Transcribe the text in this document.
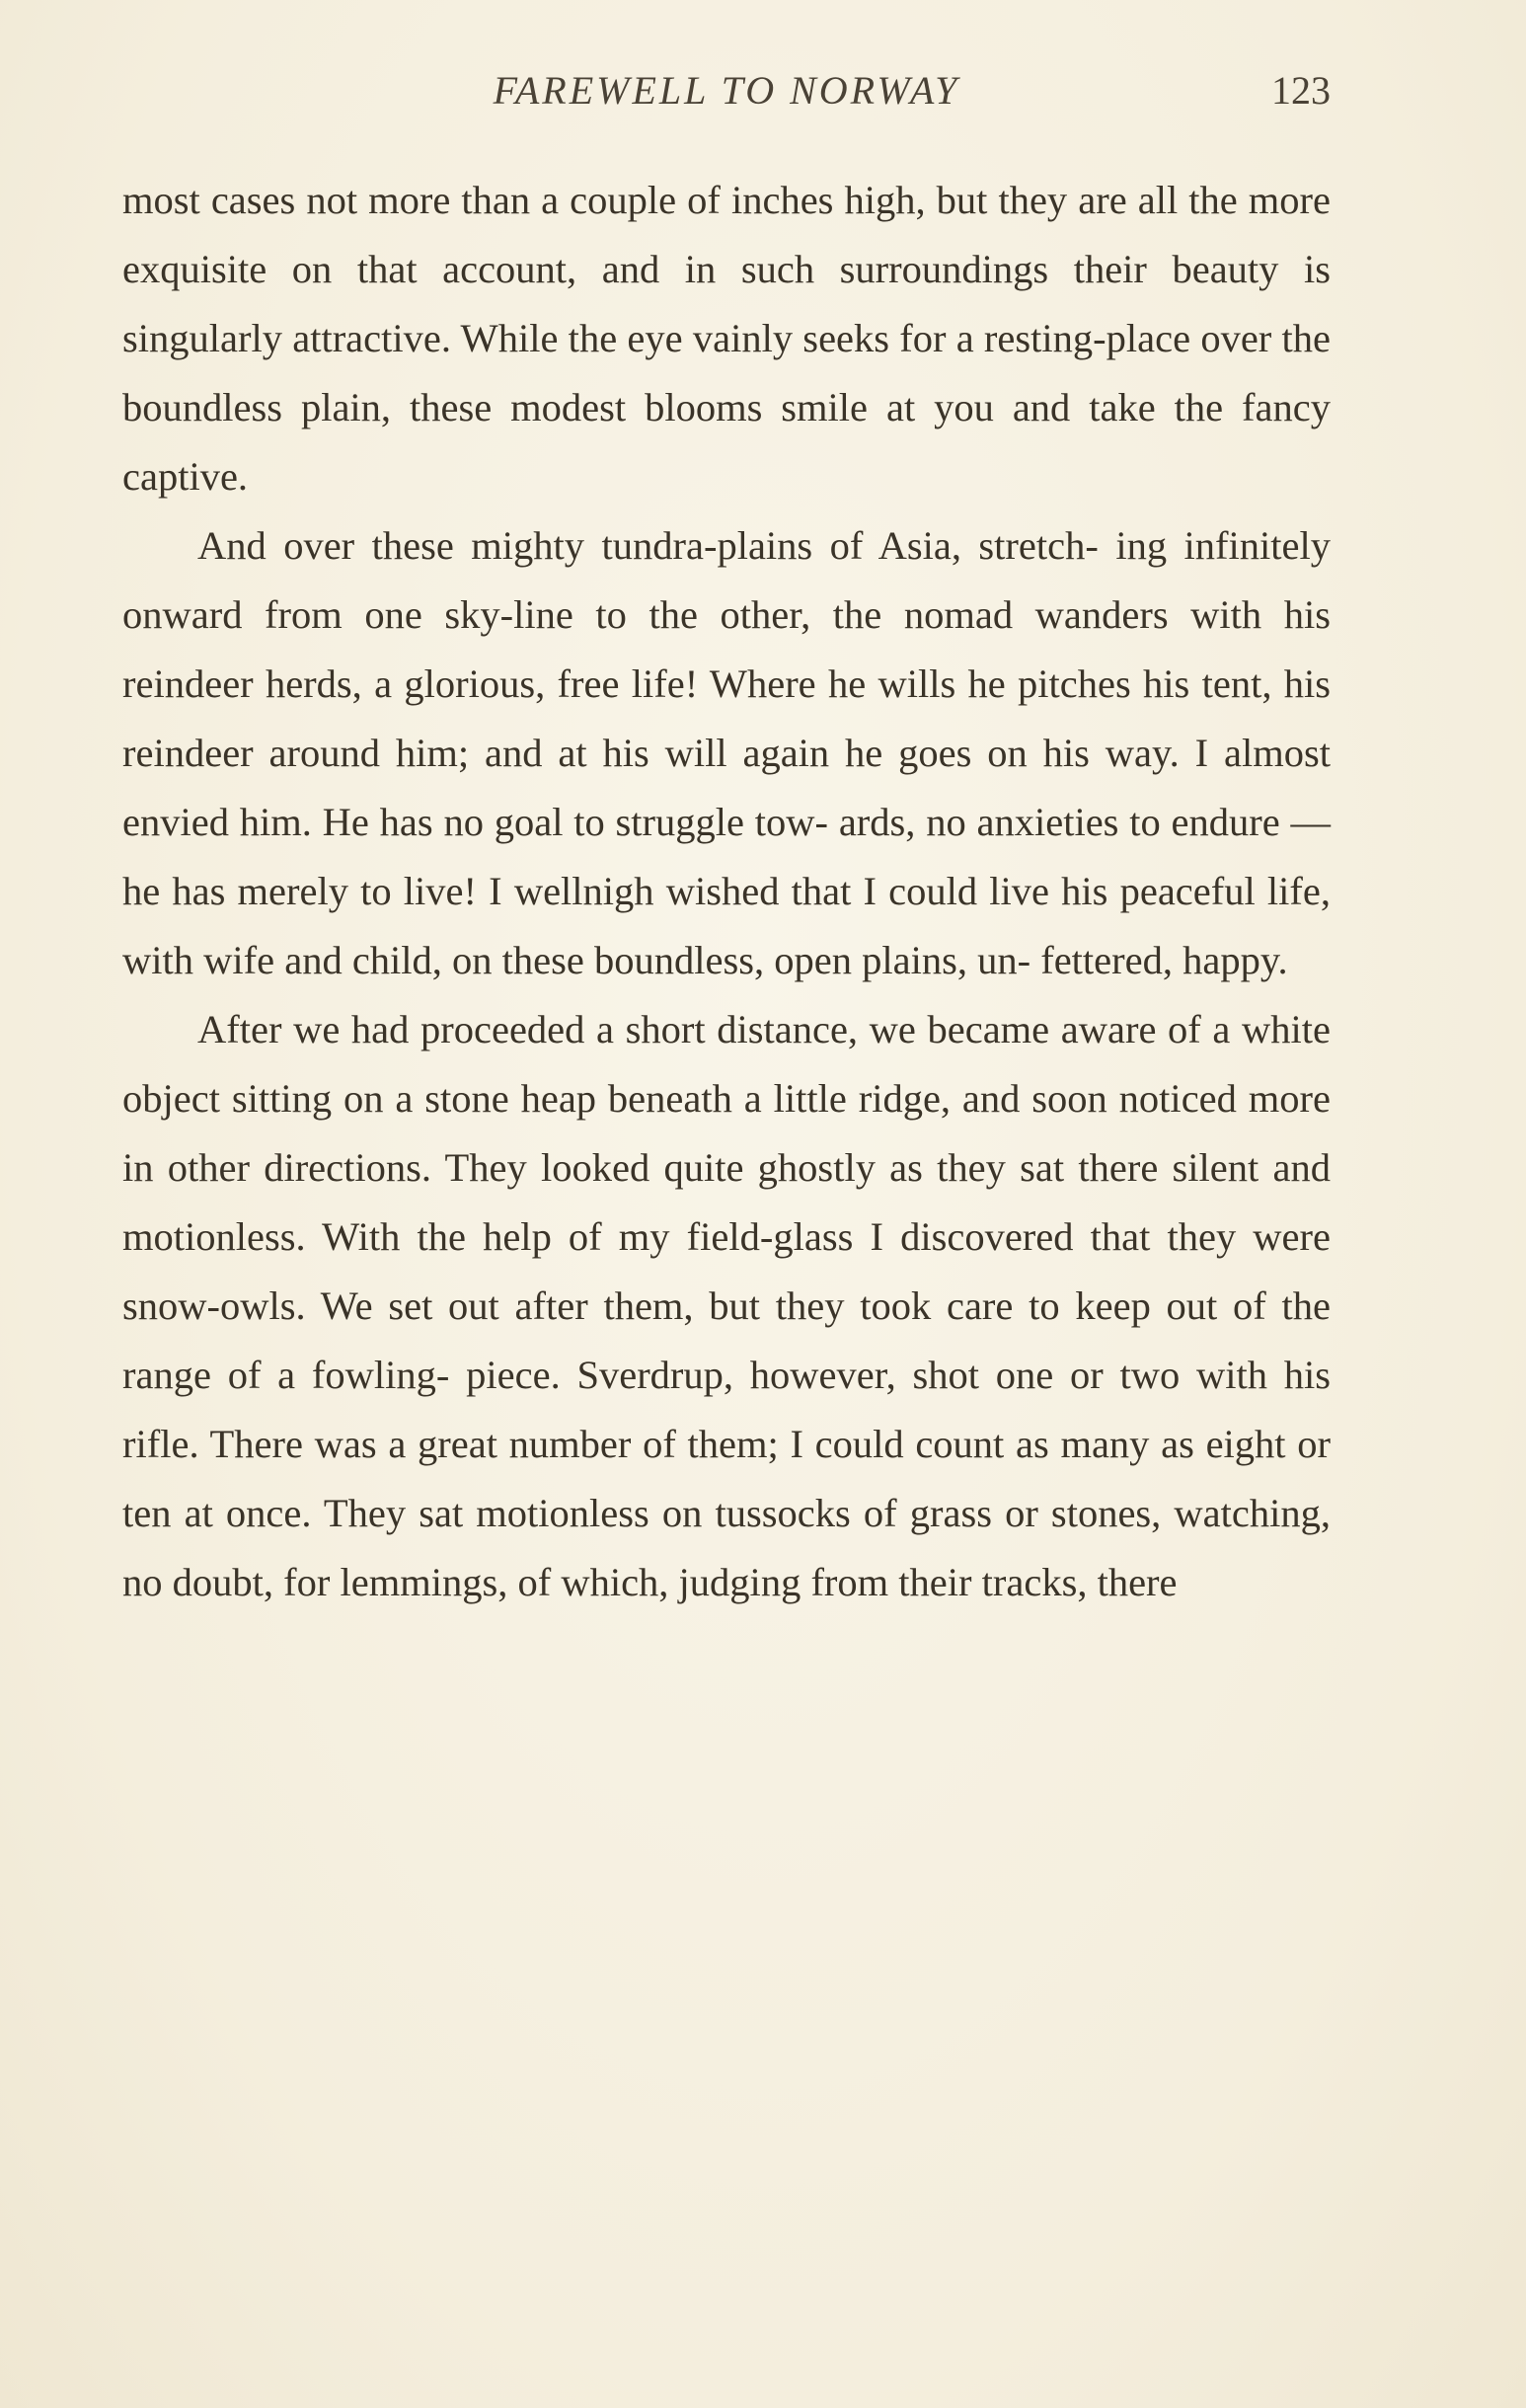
FAREWELL TO NORWAY	123

most cases not more than a couple of inches high, but they are all the more exquisite on that account, and in such surroundings their beauty is singularly attractive. While the eye vainly seeks for a resting-place over the boundless plain, these modest blooms smile at you and take the fancy captive.

And over these mighty tundra-plains of Asia, stretch- ing infinitely onward from one sky-line to the other, the nomad wanders with his reindeer herds, a glorious, free life! Where he wills he pitches his tent, his reindeer around him; and at his will again he goes on his way. I almost envied him. He has no goal to struggle tow- ards, no anxieties to endure — he has merely to live! I wellnigh wished that I could live his peaceful life, with wife and child, on these boundless, open plains, un- fettered, happy.

After we had proceeded a short distance, we became aware of a white object sitting on a stone heap beneath a little ridge, and soon noticed more in other directions. They looked quite ghostly as they sat there silent and motionless. With the help of my field-glass I discovered that they were snow-owls. We set out after them, but they took care to keep out of the range of a fowling- piece. Sverdrup, however, shot one or two with his rifle. There was a great number of them; I could count as many as eight or ten at once. They sat motionless on tussocks of grass or stones, watching, no doubt, for lemmings, of which, judging from their tracks, there
